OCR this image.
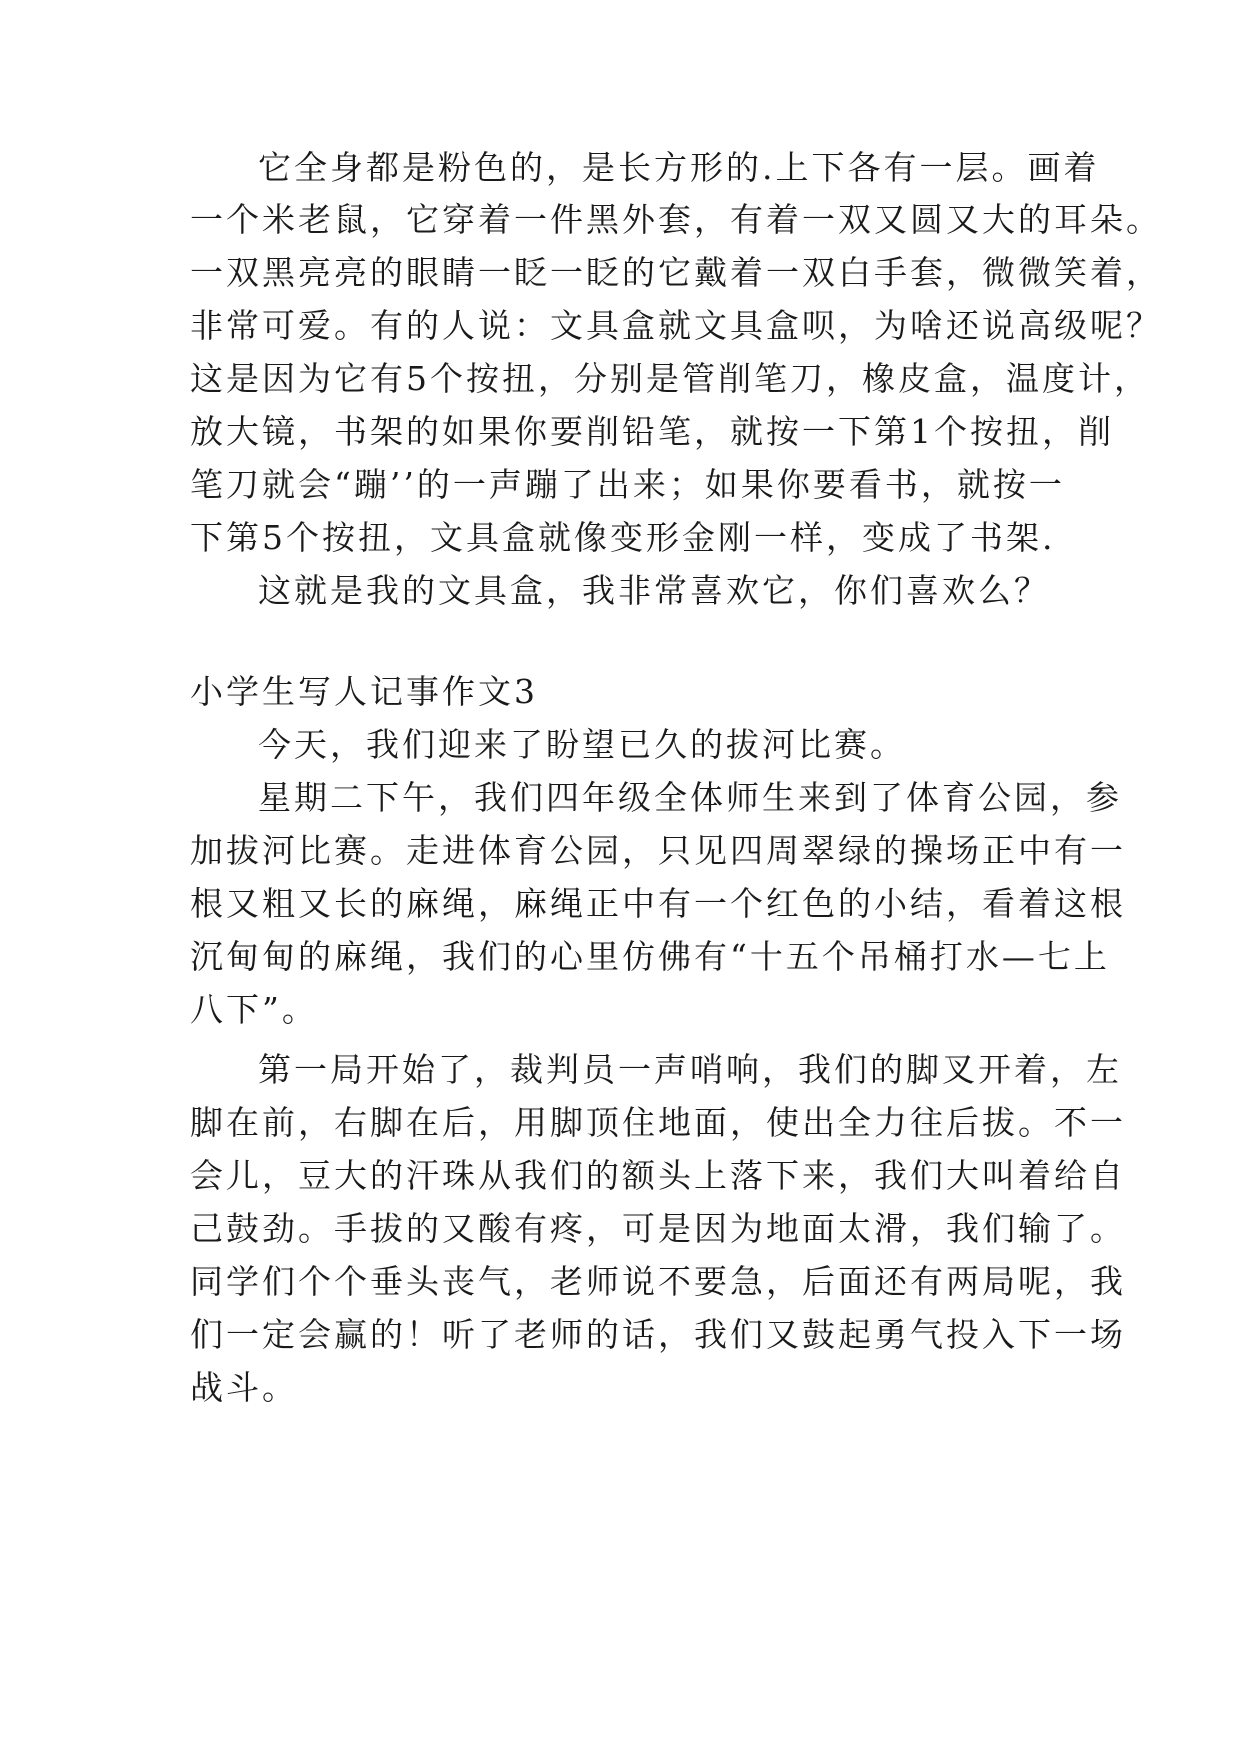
它全身都是粉色的，是长方形的.上下各有一层。画着
一个米老鼠，它穿着一件黑外套，有着一双又圆又大的耳朵。
一双黑亮亮的眼睛一眨一眨的它戴着一双白手套，微微笑着，
非常可爱。有的人说：文具盒就文具盒呗，为啥还说高级呢？
这是因为它有5个按扭，分别是管削笔刀，橡皮盒，温度计，
放大镜，书架的如果你要削铅笔，就按一下第1个按扭，削
笔刀就会“蹦’’的一声蹦了出来；如果你要看书，就按一
下第5个按扭，文具盒就像变形金刚一样，变成了书架.
这就是我的文具盒，我非常喜欢它，你们喜欢么？
小学生写人记事作文3
今天，我们迎来了盼望已久的拔河比赛。
星期二下午，我们四年级全体师生来到了体育公园，参
加拔河比赛。走进体育公园，只见四周翠绿的操场正中有一
根又粗又长的麻绳，麻绳正中有一个红色的小结，看着这根
沉甸甸的麻绳，我们的心里仿佛有“十五个吊桶打水—七上
八下”。
第一局开始了，裁判员一声哨响，我们的脚叉开着，左
脚在前，右脚在后，用脚顶住地面，使出全力往后拔。不一
会儿，豆大的汗珠从我们的额头上落下来，我们大叫着给自
己鼓劲。手拔的又酸有疼，可是因为地面太滑，我们输了。
同学们个个垂头丧气，老师说不要急，后面还有两局呢，我
们一定会赢的！听了老师的话，我们又鼓起勇气投入下一场
战斗。
